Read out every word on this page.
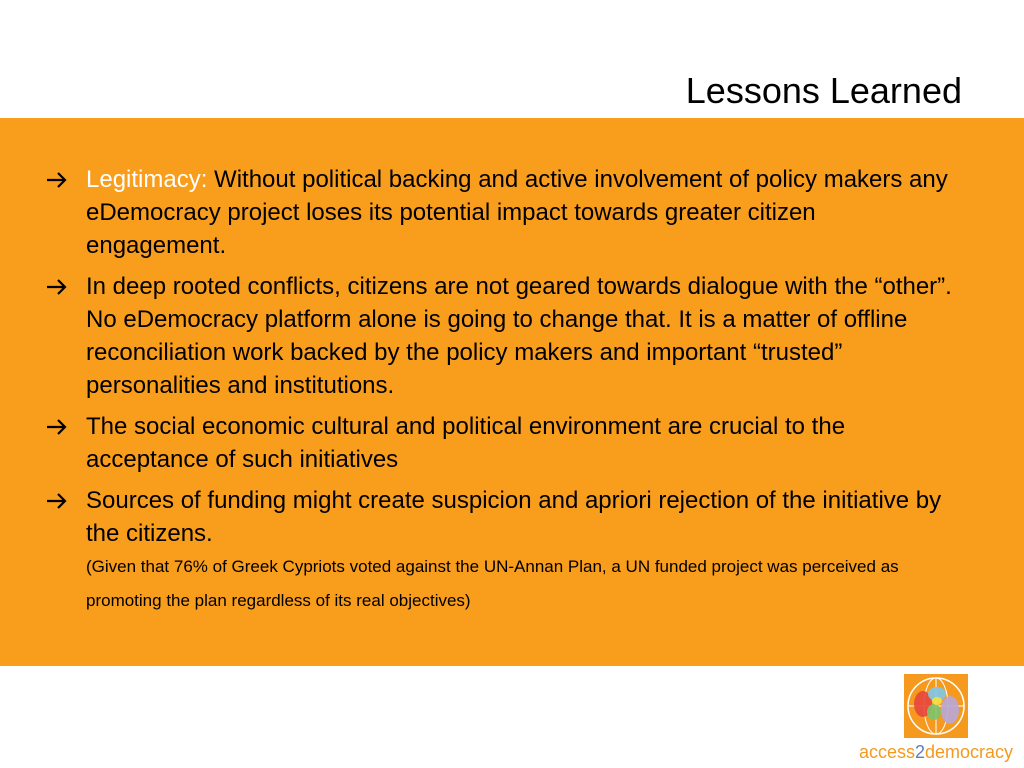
Lessons Learned
Legitimacy: Without political backing and active involvement of policy makers any eDemocracy project loses its potential impact towards greater citizen engagement.
In deep rooted conflicts, citizens are not geared towards dialogue with the “other”. No eDemocracy platform alone is going to change that. It is a matter of offline reconciliation work backed by the policy makers and important “trusted” personalities and institutions.
The social economic cultural and political environment are crucial to the acceptance of such initiatives
Sources of funding might create suspicion and apriori rejection of the initiative by the citizens.
(Given that 76% of Greek Cypriots voted against the UN-Annan Plan, a UN funded project was perceived as promoting the plan regardless of its real objectives)
access2democracy
